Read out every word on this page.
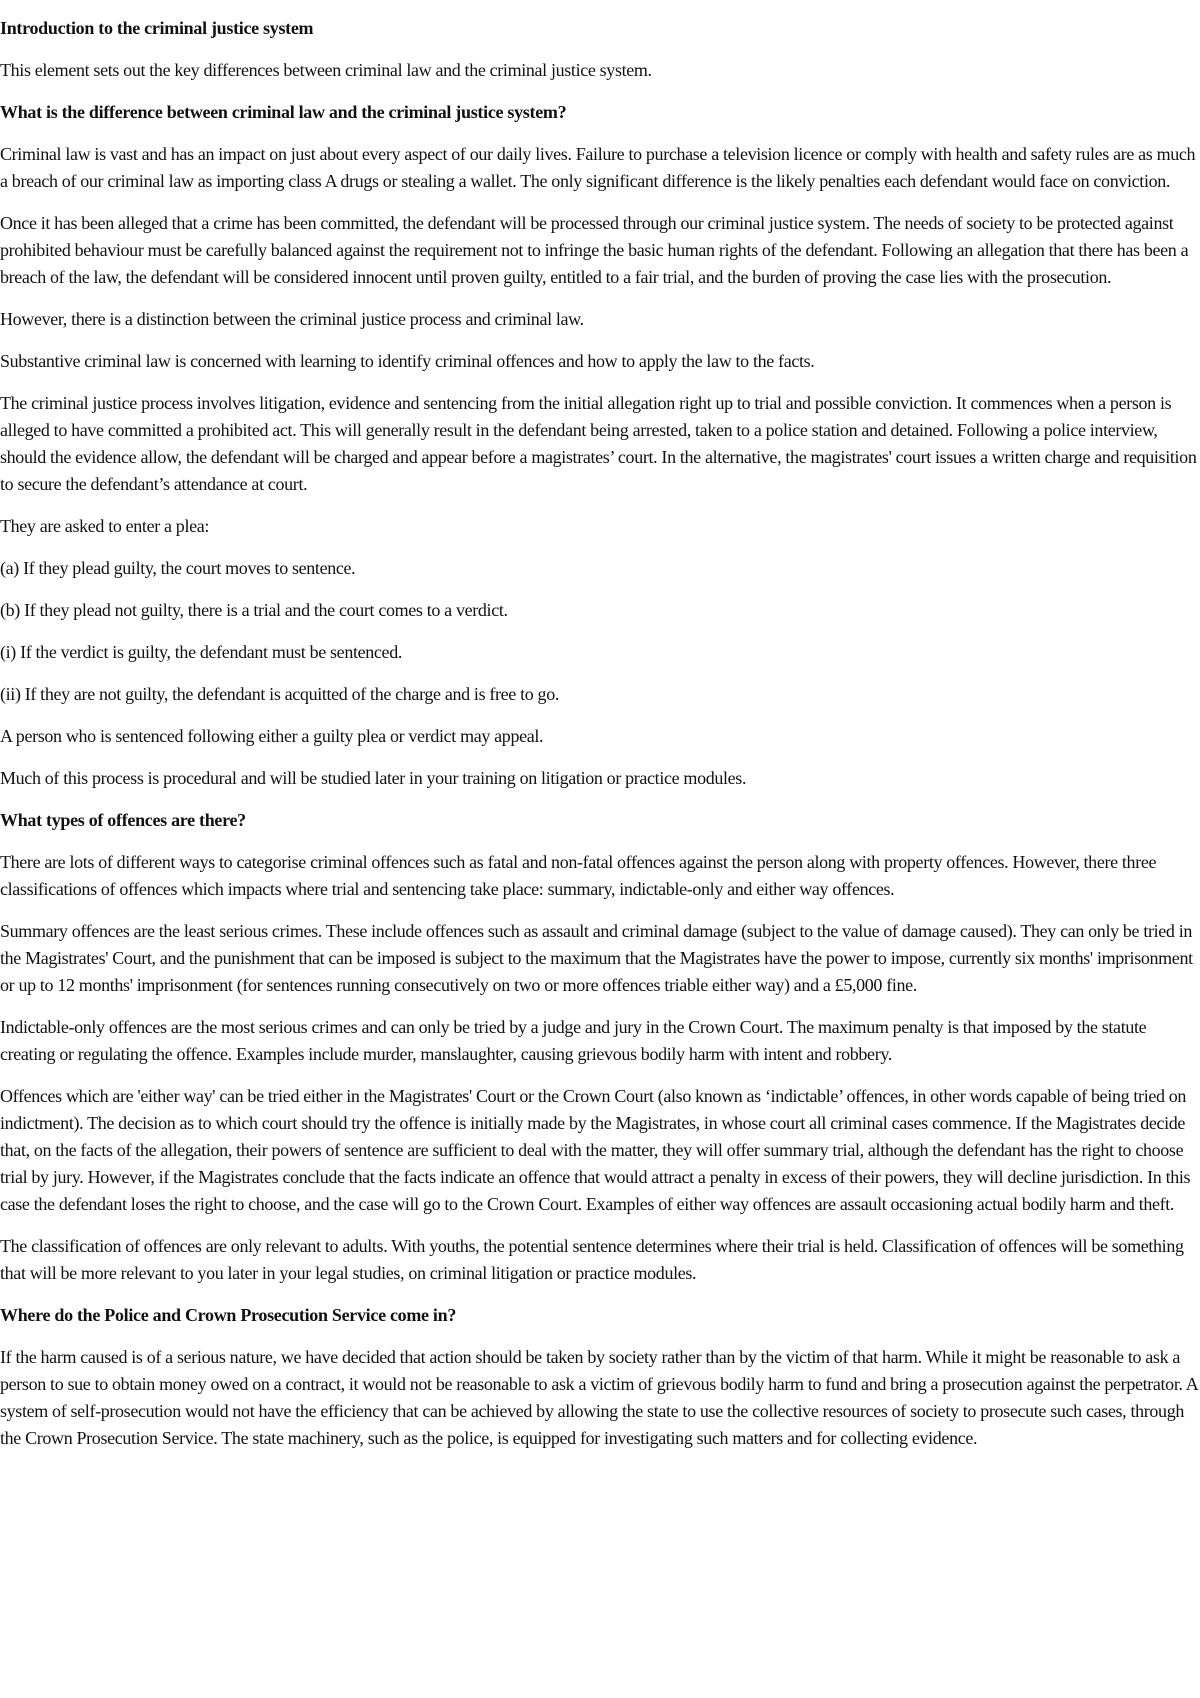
Introduction to the criminal justice system

This element sets out the key differences between criminal law and the criminal justice system.

What is the difference between criminal law and the criminal justice system?

Criminal law is vast and has an impact on just about every aspect of our daily lives. Failure to purchase a television licence or comply with health and safety rules are as much a breach of our criminal law as importing class A drugs or stealing a wallet. The only significant difference is the likely penalties each defendant would face on conviction.

Once it has been alleged that a crime has been committed, the defendant will be processed through our criminal justice system. The needs of society to be protected against prohibited behaviour must be carefully balanced against the requirement not to infringe the basic human rights of the defendant. Following an allegation that there has been a breach of the law, the defendant will be considered innocent until proven guilty, entitled to a fair trial, and the burden of proving the case lies with the prosecution.

However, there is a distinction between the criminal justice process and criminal law.

Substantive criminal law is concerned with learning to identify criminal offences and how to apply the law to the facts.

The criminal justice process involves litigation, evidence and sentencing from the initial allegation right up to trial and possible conviction. It commences when a person is alleged to have committed a prohibited act. This will generally result in the defendant being arrested, taken to a police station and detained. Following a police interview, should the evidence allow, the defendant will be charged and appear before a magistrates’ court. In the alternative, the magistrates' court issues a written charge and requisition to secure the defendant’s attendance at court.

They are asked to enter a plea:

(a) If they plead guilty, the court moves to sentence.

(b) If they plead not guilty, there is a trial and the court comes to a verdict.

(i) If the verdict is guilty, the defendant must be sentenced.

(ii) If they are not guilty, the defendant is acquitted of the charge and is free to go.

A person who is sentenced following either a guilty plea or verdict may appeal.

Much of this process is procedural and will be studied later in your training on litigation or practice modules.

What types of offences are there?

There are lots of different ways to categorise criminal offences such as fatal and non-fatal offences against the person along with property offences. However, there three classifications of offences which impacts where trial and sentencing take place: summary, indictable-only and either way offences.

Summary offences are the least serious crimes. These include offences such as assault and criminal damage (subject to the value of damage caused). They can only be tried in the Magistrates' Court, and the punishment that can be imposed is subject to the maximum that the Magistrates have the power to impose, currently six months' imprisonment or up to 12 months' imprisonment (for sentences running consecutively on two or more offences triable either way) and a £5,000 fine.

Indictable-only offences are the most serious crimes and can only be tried by a judge and jury in the Crown Court. The maximum penalty is that imposed by the statute creating or regulating the offence. Examples include murder, manslaughter, causing grievous bodily harm with intent and robbery.

Offences which are 'either way' can be tried either in the Magistrates' Court or the Crown Court (also known as ‘indictable’ offences, in other words capable of being tried on indictment). The decision as to which court should try the offence is initially made by the Magistrates, in whose court all criminal cases commence. If the Magistrates decide that, on the facts of the allegation, their powers of sentence are sufficient to deal with the matter, they will offer summary trial, although the defendant has the right to choose trial by jury. However, if the Magistrates conclude that the facts indicate an offence that would attract a penalty in excess of their powers, they will decline jurisdiction. In this case the defendant loses the right to choose, and the case will go to the Crown Court. Examples of either way offences are assault occasioning actual bodily harm and theft.

The classification of offences are only relevant to adults. With youths, the potential sentence determines where their trial is held. Classification of offences will be something that will be more relevant to you later in your legal studies, on criminal litigation or practice modules.

Where do the Police and Crown Prosecution Service come in?

If the harm caused is of a serious nature, we have decided that action should be taken by society rather than by the victim of that harm. While it might be reasonable to ask a person to sue to obtain money owed on a contract, it would not be reasonable to ask a victim of grievous bodily harm to fund and bring a prosecution against the perpetrator. A system of self-prosecution would not have the efficiency that can be achieved by allowing the state to use the collective resources of society to prosecute such cases, through the Crown Prosecution Service. The state machinery, such as the police, is equipped for investigating such matters and for collecting evidence.
